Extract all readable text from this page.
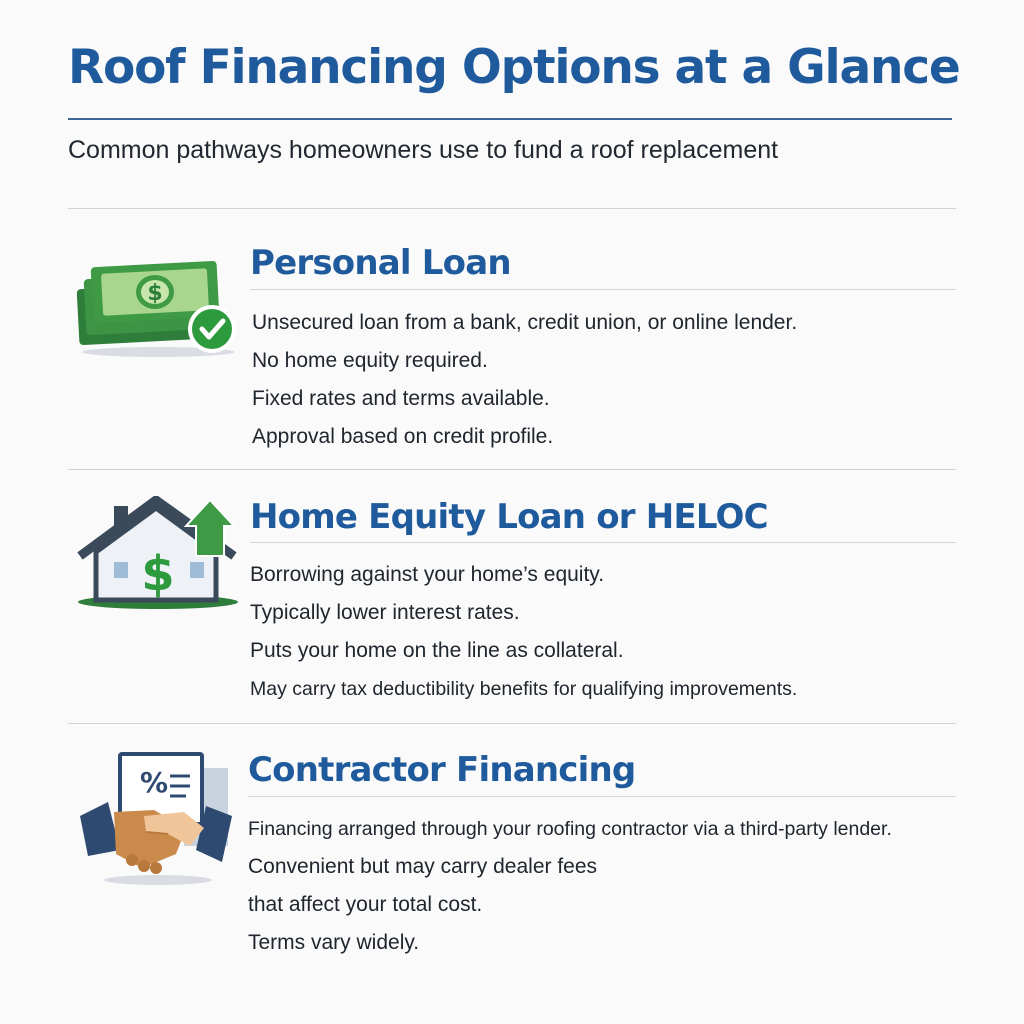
Roof Financing Options at a Glance

Common pathways homeowners use to fund a roof replacement

$
Personal Loan
Unsecured loan from a bank, credit union, or online lender.
No home equity required.
Fixed rates and terms available.
Approval based on credit profile.
$
Home Equity Loan or HELOC
Borrowing against your home’s equity.
Typically lower interest rates.
Puts your home on the line as collateral.
May carry tax deductibility benefits for qualifying improvements.
% Contractor Financing
Financing arranged through your roofing contractor via a third-party lender.
Convenient but may carry dealer fees
that affect your total cost.
Terms vary widely.
